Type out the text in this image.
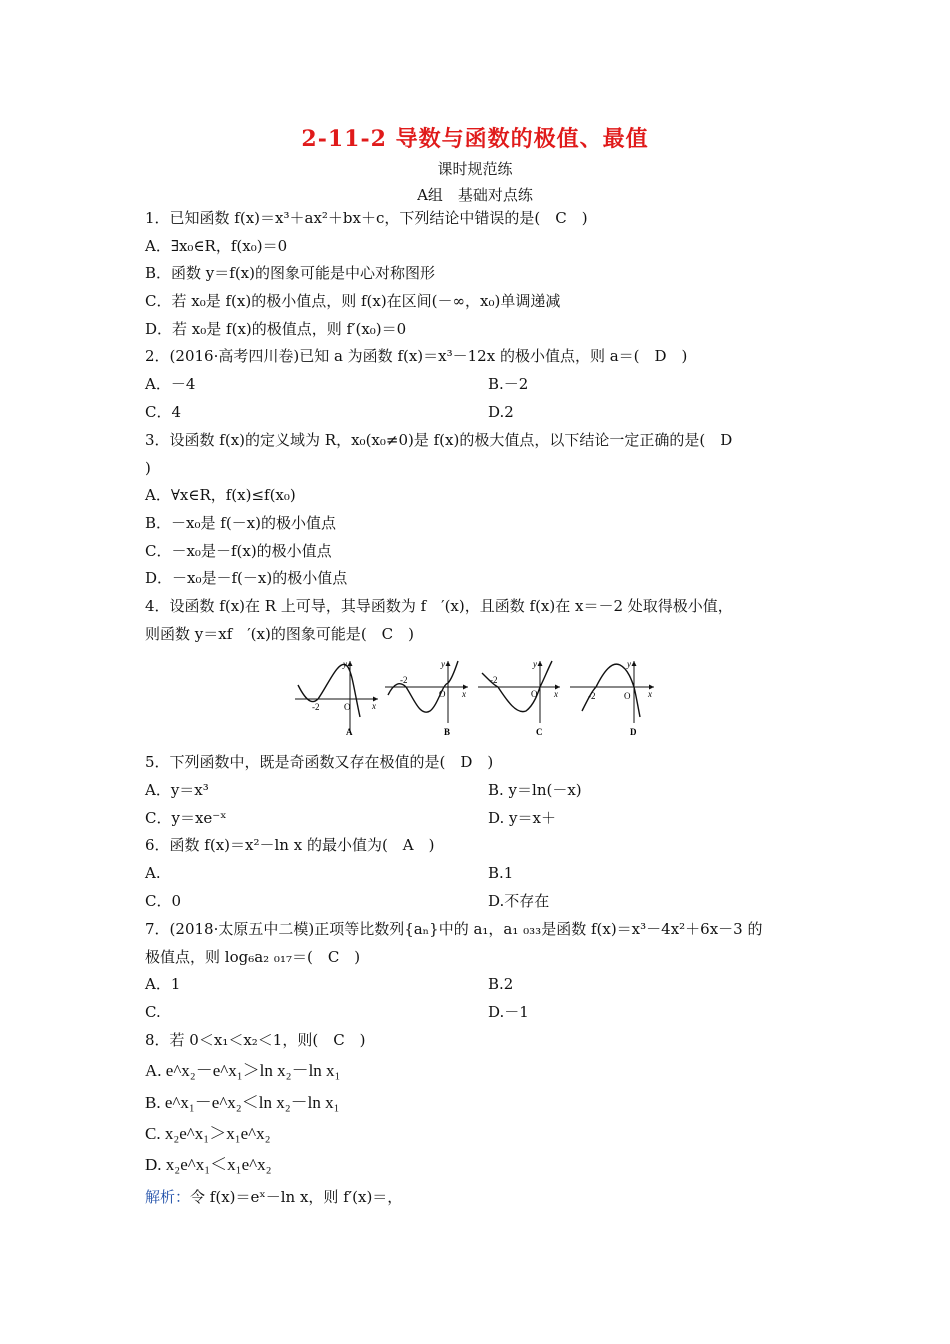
2-11-2 导数与函数的极值、最值
课时规范练
A组　基础对点练
1．已知函数 f(x)＝x³＋ax²＋bx＋c，下列结论中错误的是(　C　)
A．∃x₀∈R，f(x₀)＝0
B．函数 y＝f(x)的图象可能是中心对称图形
C．若 x₀是 f(x)的极小值点，则 f(x)在区间(－∞，x₀)单调递减
D．若 x₀是 f(x)的极值点，则 f′(x₀)＝0
2．(2016·高考四川卷)已知 a 为函数 f(x)＝x³－12x 的极小值点，则 a＝(　D　)
A．－4	B.－2
C．4	D.2
3．设函数 f(x)的定义域为 R，x₀(x₀≠0)是 f(x)的极大值点，以下结论一定正确的是(　D
)
A．∀x∈R，f(x)≤f(x₀)
B．－x₀是 f(－x)的极小值点
C．－x₀是－f(x)的极小值点
D．－x₀是－f(－x)的极小值点
4．设函数 f(x)在 R 上可导，其导函数为 f　′(x)，且函数 f(x)在 x＝－2 处取得极小值，
则函数 y＝xf　′(x)的图象可能是(　C　)
-2	O x
y
A
-2
O x
y
B
-2
O x
y
C
-2	O x
y
D
5．下列函数中，既是奇函数又存在极值的是(　D　)
A．y＝x³	B. y＝ln(－x)
C．y＝xe⁻ˣ	D. y＝x＋
6．函数 f(x)＝x²－ln x 的最小值为(　A　)
A.	B.1
C．0	D.不存在
7．(2018·太原五中二模)正项等比数列{aₙ}中的 a₁，a₁ ₀₃₃是函数 f(x)＝x³－4x²＋6x－3 的
极值点，则 log₆a₂ ₀₁₇＝(　C　)
A．1	B.2
C.	D.－1
8．若 0＜x₁＜x₂＜1，则(　C　)
A. e^x₂－e^x₁＞ln x₂－ln x₁
B. e^x₁－e^x₂＜ln x₂－ln x₁
C. x₂e^x₁＞x₁e^x₂
D. x₂e^x₁＜x₁e^x₂
解析：令 f(x)＝eˣ－ln x，则 f′(x)＝，
